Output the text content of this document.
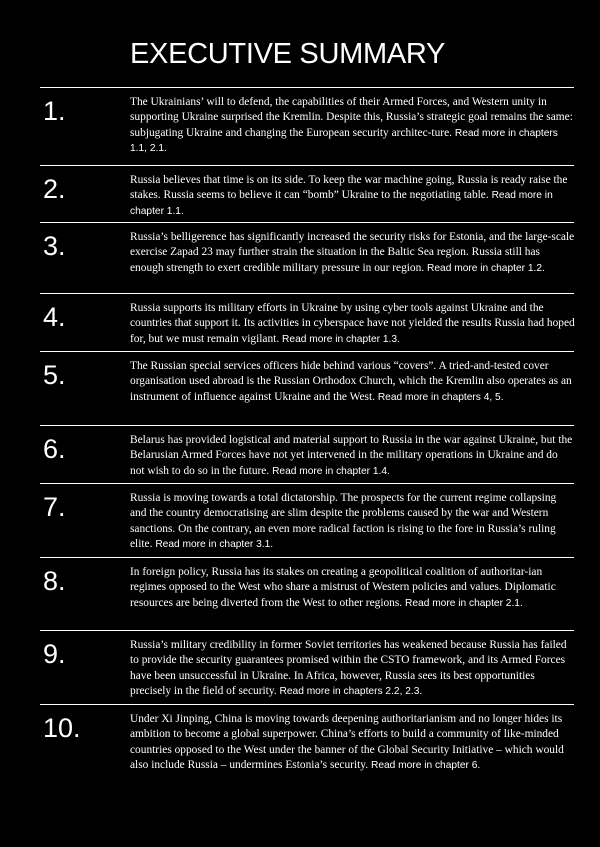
EXECUTIVE SUMMARY
1.	The Ukrainians’ will to defend, the capabilities of their Armed Forces, and Western unity in supporting Ukraine surprised the Kremlin. Despite this, Russia’s strategic goal remains the same: subjugating Ukraine and changing the European security architec-ture. Read more in chapters 1.1, 2.1.
2.	Russia believes that time is on its side. To keep the war machine going, Russia is ready raise the stakes. Russia seems to believe it can “bomb” Ukraine to the negotiating table. Read more in chapter 1.1.
3.	Russia’s belligerence has significantly increased the security risks for Estonia, and the large-scale exercise Zapad 23 may further strain the situation in the Baltic Sea region. Russia still has enough strength to exert credible military pressure in our region. Read more in chapter 1.2.
4.	Russia supports its military efforts in Ukraine by using cyber tools against Ukraine and the countries that support it. Its activities in cyberspace have not yielded the results Russia had hoped for, but we must remain vigilant. Read more in chapter 1.3.
5.	The Russian special services officers hide behind various “covers”. A tried-and-tested cover organisation used abroad is the Russian Orthodox Church, which the Kremlin also operates as an instrument of influence against Ukraine and the West. Read more in chapters 4, 5.
6.	Belarus has provided logistical and material support to Russia in the war against Ukraine, but the Belarusian Armed Forces have not yet intervened in the military operations in Ukraine and do not wish to do so in the future. Read more in chapter 1.4.
7.	Russia is moving towards a total dictatorship. The prospects for the current regime collapsing and the country democratising are slim despite the problems caused by the war and Western sanctions. On the contrary, an even more radical faction is rising to the fore in Russia’s ruling elite. Read more in chapter 3.1.
8.	In foreign policy, Russia has its stakes on creating a geopolitical coalition of authoritar-ian regimes opposed to the West who share a mistrust of Western policies and values. Diplomatic resources are being diverted from the West to other regions. Read more in chapter 2.1.
9.	Russia’s military credibility in former Soviet territories has weakened because Russia has failed to provide the security guarantees promised within the CSTO framework, and its Armed Forces have been unsuccessful in Ukraine. In Africa, however, Russia sees its best opportunities precisely in the field of security. Read more in chapters 2.2, 2.3.
10.	Under Xi Jinping, China is moving towards deepening authoritarianism and no longer hides its ambition to become a global superpower. China’s efforts to build a community of like-minded countries opposed to the West under the banner of the Global Security Initiative – which would also include Russia – undermines Estonia’s security. Read more in chapter 6.
